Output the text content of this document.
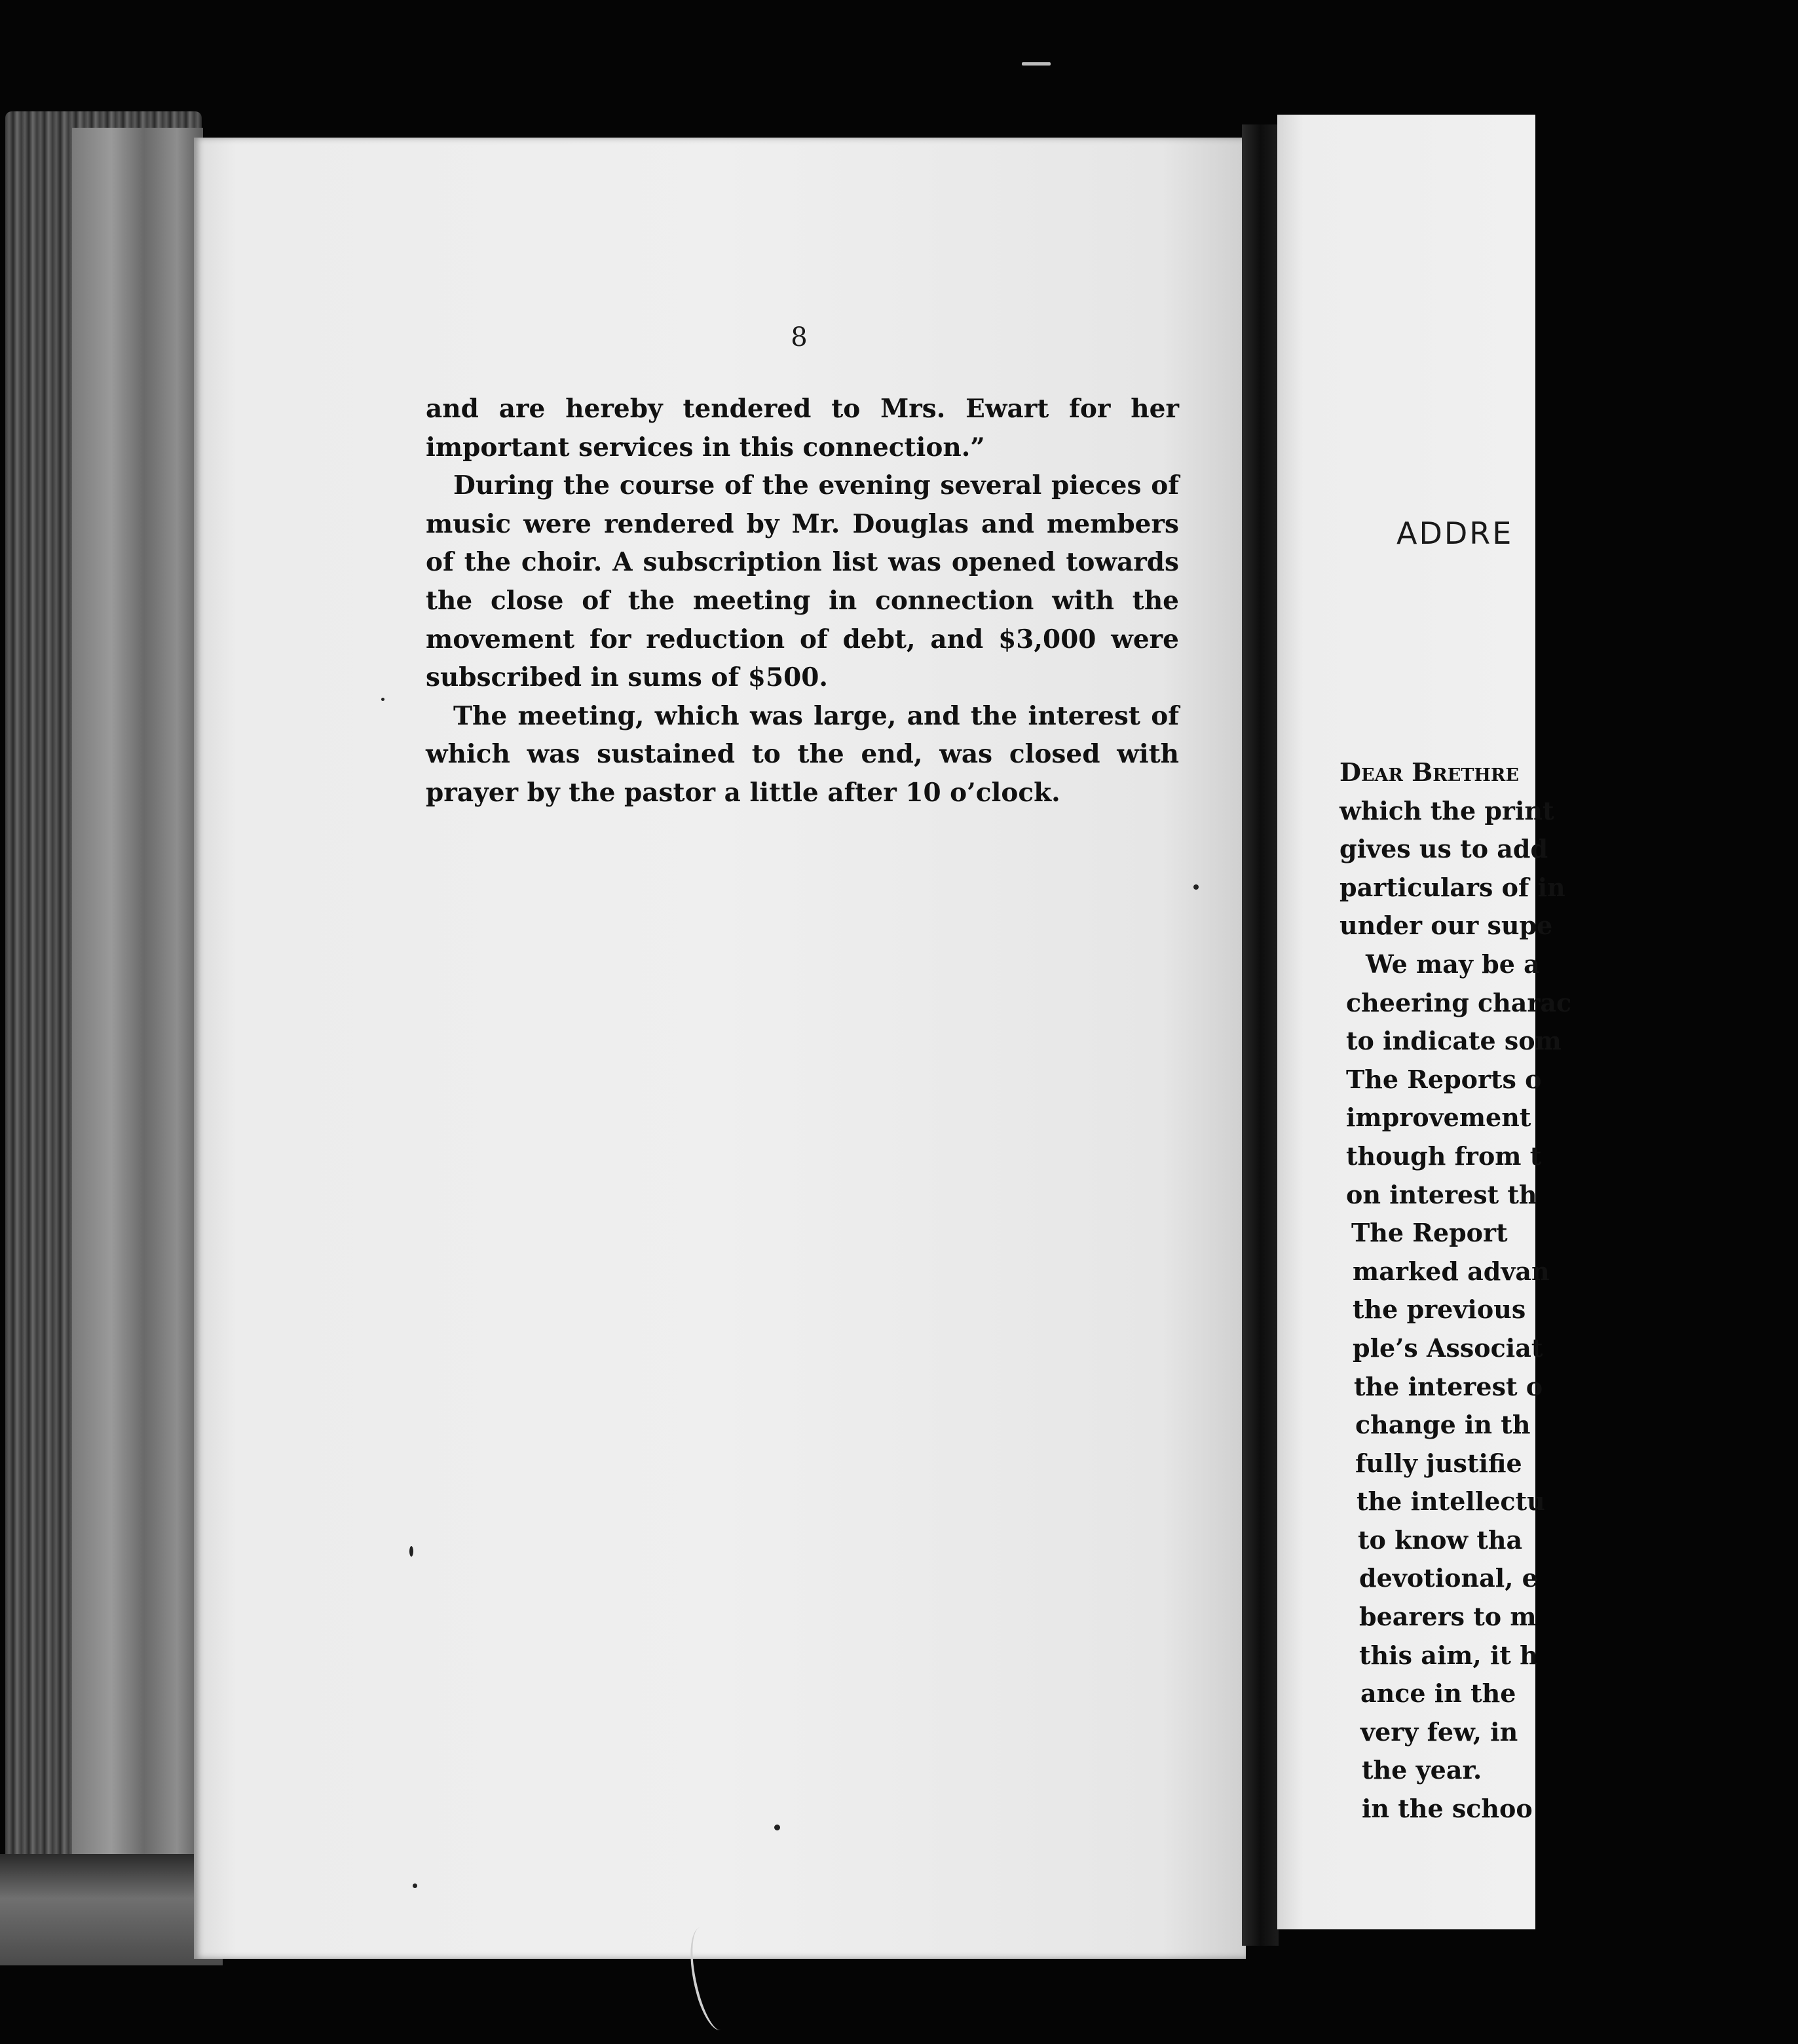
8

and are hereby tendered to Mrs. Ewart for her important services in this connection.”

During the course of the evening several pieces of music were rendered by Mr. Douglas and members of the choir. A subscription list was opened towards the close of the meeting in connection with the movement for reduction of debt, and $3,000 were subscribed in sums of $500.

The meeting, which was large, and the interest of which was sustained to the end, was closed with prayer by the pastor a little after 10 o’clock.

ADDRE
Dear Brethre
which the print
gives us to add
particulars of in
under our supe
We may be a
cheering charac
to indicate som
The Reports o
improvement
though from t
on interest th
The Report
marked advan
the previous
ple’s Associat
the interest o
change in th
fully justifie
the intellectu
to know tha
devotional, e
bearers to m
this aim, it h
ance in the
very few, in
the year.
in the schoo
